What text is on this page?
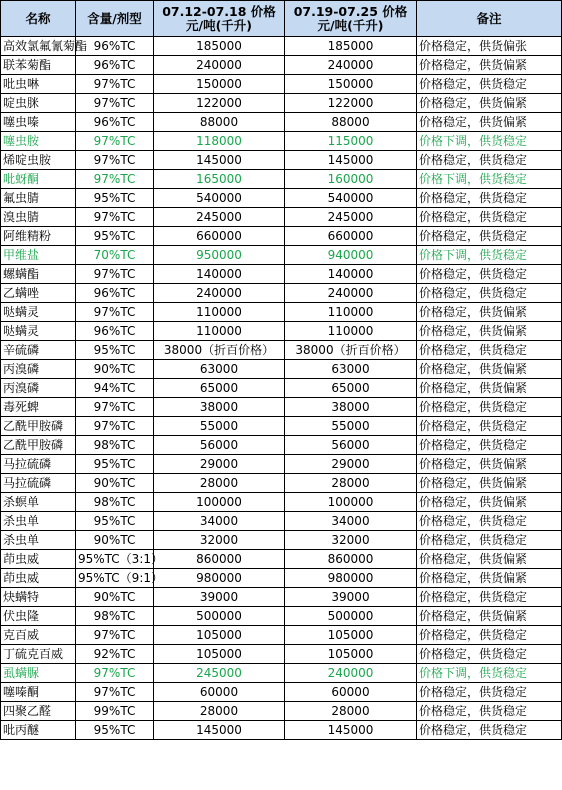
名称	含量/剂型	07.12-07.18 价格元/吨(千升)	07.19-07.25 价格元/吨(千升)	备注
高效氯氟氰菊酯	96%TC	185000	185000	价格稳定，供货偏张
联苯菊酯	96%TC	240000	240000	价格稳定，供货偏紧
吡虫啉	97%TC	150000	150000	价格稳定，供货稳定
啶虫脒	97%TC	122000	122000	价格稳定，供货偏紧
噻虫嗪	96%TC	88000	88000	价格稳定，供货偏紧
噻虫胺	97%TC	118000	115000	价格下调，供货稳定
烯啶虫胺	97%TC	145000	145000	价格稳定，供货稳定
吡蚜酮	97%TC	165000	160000	价格下调，供货稳定
氟虫腈	95%TC	540000	540000	价格稳定，供货稳定
溴虫腈	97%TC	245000	245000	价格稳定，供货稳定
阿维精粉	95%TC	660000	660000	价格稳定，供货稳定
甲维盐	70%TC	950000	940000	价格下调，供货稳定
螺螨酯	97%TC	140000	140000	价格稳定，供货稳定
乙螨唑	96%TC	240000	240000	价格稳定，供货稳定
哒螨灵	97%TC	110000	110000	价格稳定，供货偏紧
哒螨灵	96%TC	110000	110000	价格稳定，供货偏紧
辛硫磷	95%TC	38000（折百价格）	38000（折百价格）	价格稳定，供货稳定
丙溴磷	90%TC	63000	63000	价格稳定，供货偏紧
丙溴磷	94%TC	65000	65000	价格稳定，供货偏紧
毒死蜱	97%TC	38000	38000	价格稳定，供货稳定
乙酰甲胺磷	97%TC	55000	55000	价格稳定，供货稳定
乙酰甲胺磷	98%TC	56000	56000	价格稳定，供货稳定
马拉硫磷	95%TC	29000	29000	价格稳定，供货偏紧
马拉硫磷	90%TC	28000	28000	价格稳定，供货偏紧
杀螟单	98%TC	100000	100000	价格稳定，供货偏紧
杀虫单	95%TC	34000	34000	价格稳定，供货稳定
杀虫单	90%TC	32000	32000	价格稳定，供货稳定
茚虫威	95%TC（3:1）	860000	860000	价格稳定，供货偏紧
茚虫威	95%TC（9:1）	980000	980000	价格稳定，供货偏紧
炔螨特	90%TC	39000	39000	价格稳定，供货稳定
伏虫隆	98%TC	500000	500000	价格稳定，供货偏紧
克百威	97%TC	105000	105000	价格稳定，供货稳定
丁硫克百威	92%TC	105000	105000	价格稳定，供货稳定
虱螨脲	97%TC	245000	240000	价格下调，供货稳定
噻嗪酮	97%TC	60000	60000	价格稳定，供货稳定
四聚乙醛	99%TC	28000	28000	价格稳定，供货稳定
吡丙醚	95%TC	145000	145000	价格稳定，供货稳定
